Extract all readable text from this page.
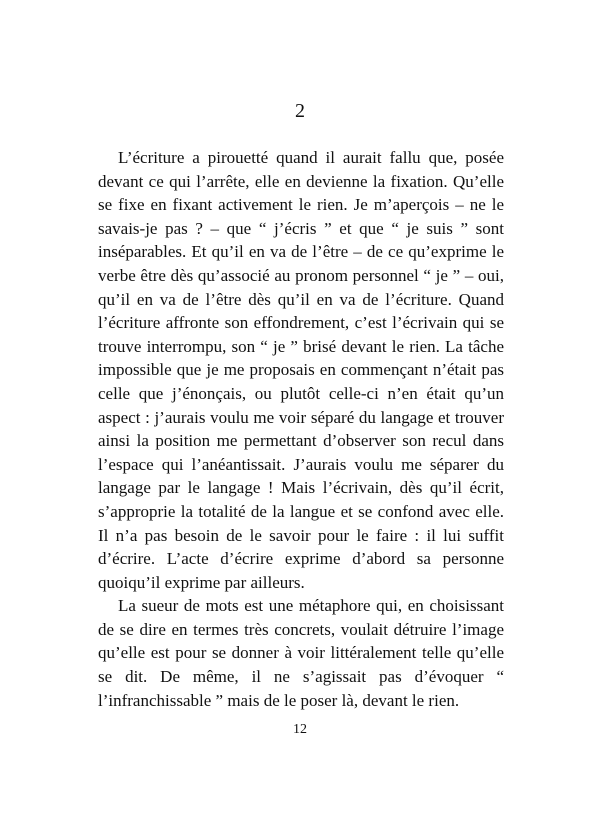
2

L’écriture a pirouetté quand il aurait fallu que, posée devant ce qui l’arrête, elle en devienne la fixation. Qu’elle se fixe en fixant activement le rien. Je m’aperçois – ne le savais-je pas ? – que “ j’écris ” et que “ je suis ” sont inséparables. Et qu’il en va de l’être – de ce qu’exprime le verbe être dès qu’associé au pronom personnel “ je ” – oui, qu’il en va de l’être dès qu’il en va de l’écriture. Quand l’écriture affronte son effondrement, c’est l’écrivain qui se trouve interrompu, son “ je ” brisé devant le rien. La tâche impossible que je me proposais en commençant n’était pas celle que j’énonçais, ou plutôt celle-ci n’en était qu’un aspect : j’aurais voulu me voir séparé du langage et trouver ainsi la position me permettant d’observer son recul dans l’espace qui l’anéantissait. J’aurais voulu me séparer du langage par le langage ! Mais l’écrivain, dès qu’il écrit, s’approprie la totalité de la langue et se confond avec elle. Il n’a pas besoin de le savoir pour le faire : il lui suffit d’écrire. L’acte d’écrire exprime d’abord sa personne quoiqu’il exprime par ailleurs.

La sueur de mots est une métaphore qui, en choisissant de se dire en termes très concrets, voulait détruire l’image qu’elle est pour se donner à voir littéralement telle qu’elle se dit. De même, il ne s’agissait pas d’évoquer “ l’infranchissable ” mais de le poser là, devant le rien.

12
